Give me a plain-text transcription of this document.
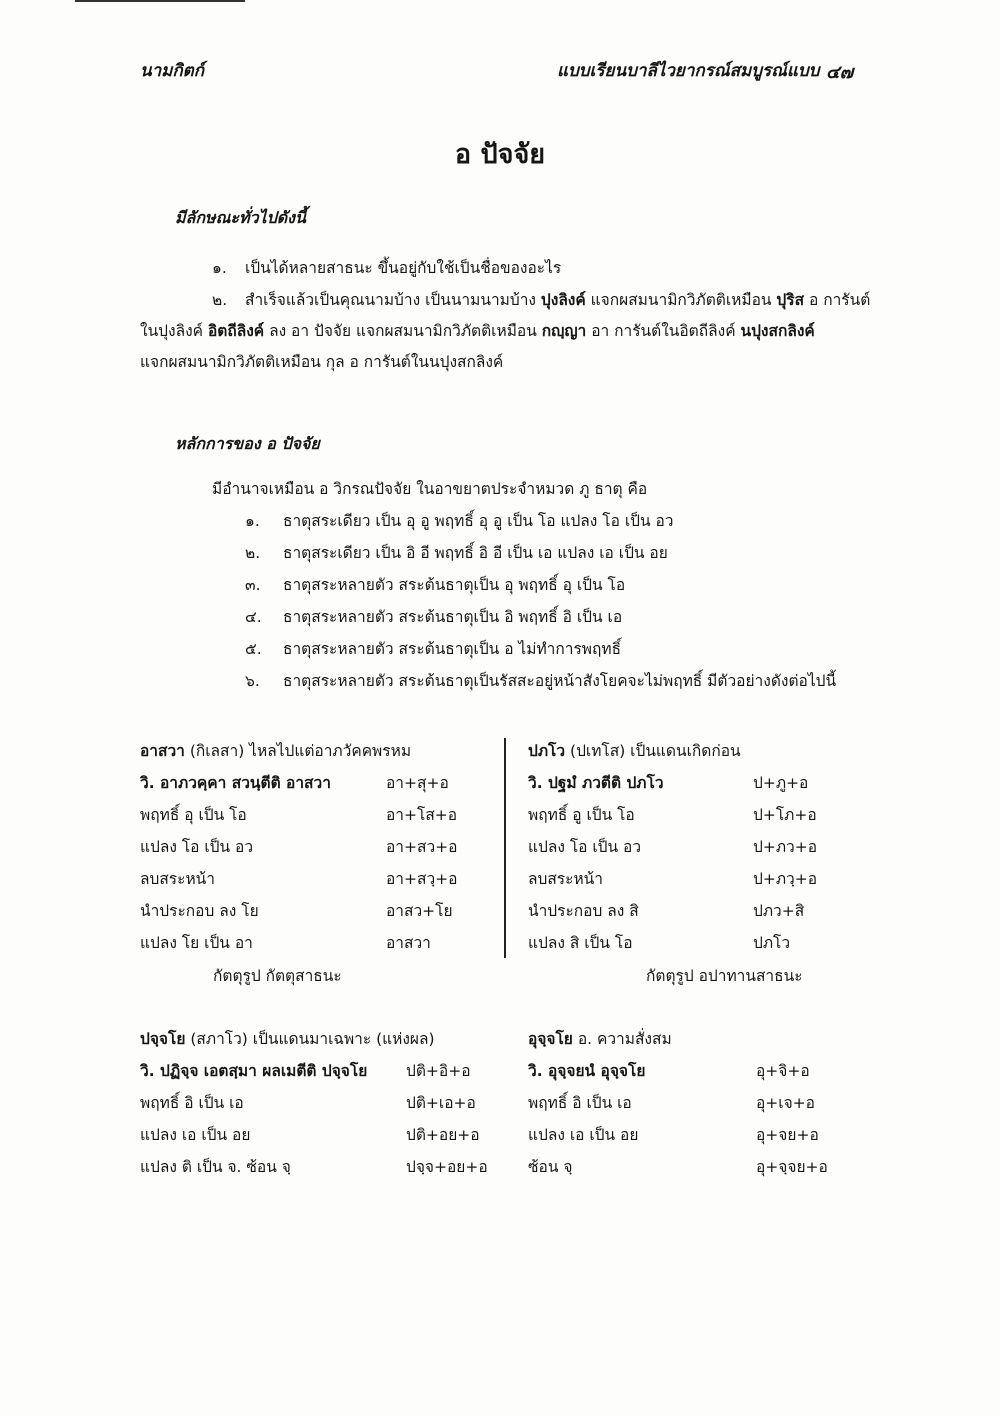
นามกิตก์	แบบเรียนบาลีไวยากรณ์สมบูรณ์แบบ ๔๗
อ ปัจจัย
มีลักษณะทั่วไปดังนี้
๑. เป็นได้หลายสาธนะ ขึ้นอยู่กับใช้เป็นชื่อของอะไร
๒. สำเร็จแล้วเป็นคุณนามบ้าง เป็นนามนามบ้าง ปุงลิงค์ แจกผสมนามิกวิภัตติเหมือน ปุริส อ การันต์
ในปุงลิงค์ อิตถีลิงค์ ลง อา ปัจจัย แจกผสมนามิกวิภัตติเหมือน กญฺญา อา การันต์ในอิตถีลิงค์ นปุงสกลิงค์
แจกผสมนามิกวิภัตติเหมือน กุล อ การันต์ในนปุงสกลิงค์
หลักการของ อ ปัจจัย
มีอำนาจเหมือน อ วิกรณปัจจัย ในอาขยาตประจำหมวด ภู ธาตุ คือ
๑. ธาตุสระเดียว เป็น อุ อู พฤทธิ์ อุ อู เป็น โอ แปลง โอ เป็น อว
๒. ธาตุสระเดียว เป็น อิ อี พฤทธิ์ อิ อี เป็น เอ แปลง เอ เป็น อย
๓. ธาตุสระหลายตัว สระต้นธาตุเป็น อุ พฤทธิ์ อุ เป็น โอ
๔. ธาตุสระหลายตัว สระต้นธาตุเป็น อิ พฤทธิ์ อิ เป็น เอ
๕. ธาตุสระหลายตัว สระต้นธาตุเป็น อ ไม่ทำการพฤทธิ์
๖. ธาตุสระหลายตัว สระต้นธาตุเป็นรัสสะอยู่หน้าสังโยคจะไม่พฤทธิ์ มีตัวอย่างดังต่อไปนี้
อาสวา (กิเลสา) ไหลไปแต่อาภวัคคพรหม
วิ. อาภวคฺคา สวนฺตีติ อาสวา	อา+สุ+อ
พฤทธิ์ อุ เป็น โอ	อา+โส+อ
แปลง โอ เป็น อว	อา+สว+อ
ลบสระหน้า	อา+สวฺ+อ
นำประกอบ ลง โย	อาสว+โย
แปลง โย เป็น อา	อาสวา
กัตตุรูป กัตตุสาธนะ
ปภโว (ปเทโส) เป็นแดนเกิดก่อน
วิ. ปฐมํ ภวตีติ ปภโว	ป+ภู+อ
พฤทธิ์ อู เป็น โอ	ป+โภ+อ
แปลง โอ เป็น อว	ป+ภว+อ
ลบสระหน้า	ป+ภวฺ+อ
นำประกอบ ลง สิ	ปภว+สิ
แปลง สิ เป็น โอ	ปภโว
กัตตุรูป อปาทานสาธนะ
ปจฺจโย (สภาโว) เป็นแดนมาเฉพาะ (แห่งผล)
วิ. ปฏิจฺจ เอตสฺมา ผลเมตีติ ปจฺจโย ปติ+อิ+อ
พฤทธิ์ อิ เป็น เอ	ปติ+เอ+อ
แปลง เอ เป็น อย	ปติ+อย+อ
แปลง ติ เป็น จ. ซ้อน จฺ	ปจฺจ+อย+อ
อุจฺจโย อ. ความสั่งสม
วิ. อุจฺจยนํ อุจฺจโย	อุ+จิ+อ
พฤทธิ์ อิ เป็น เอ	อุ+เจ+อ
แปลง เอ เป็น อย	อุ+จย+อ
ซ้อน จฺ	อุ+จฺจย+อ
